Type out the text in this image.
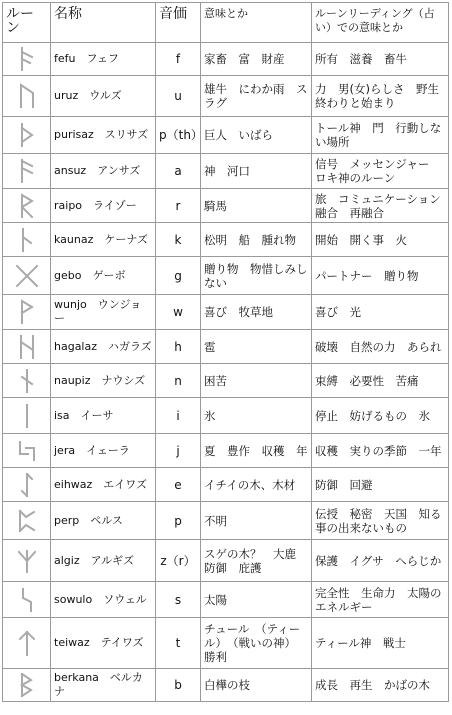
ルーン	名称	音価	意味とか	ルーンリーディング（占い）での意味とか

	fefu　フェフ	f	家畜　富　財産	所有　滋養　畜牛

	uruz　ウルズ	u	雄牛　にわか雨　スラグ	力　男(女)らしさ　野生　終わりと始まり

	purisaz　スリサズ	p（th）	巨人　いばら	トール神　門　行動しない場所

	ansuz　アンサズ	a	神　河口	信号　メッセンジャー　ロキ神のルーン

	raipo　ライゾー	r	騎馬	旅　コミュニケーション　融合　再融合

	kaunaz　ケーナズ	k	松明　船　腫れ物	開始　開く事　火

	gebo　ゲーボ	g	贈り物　物惜しみしない	パートナー　贈り物

	wunjo　ウンジョー	w	喜び　牧草地	喜び　光

	hagalaz　ハガラズ	h	雹	破壊　自然の力　あられ

	naupiz　ナウシズ	n	困苦	束縛　必要性　苦痛

	isa　イーサ	i	氷	停止　妨げるもの　氷

	jera　イェーラ	j	夏　豊作　収穫　年	収穫　実りの季節　一年

	eihwaz　エイワズ	e	イチイの木、木材	防御　回避

	perp　ペルス	p	不明	伝授　秘密　天国　知る事の出来ないもの

	algiz　アルギズ	z（r）	スゲの木？　大鹿　防御　庇護	保護　イグサ　へらじか

	sowulo　ソウェル	s	太陽	完全性　生命力　太陽のエネルギー

	teiwaz　テイワズ	t	チュール　（ティール）　（戦いの神）　勝利	ティール神　戦士

	berkana　ベルカナ	b	白樺の枝	成長　再生　かばの木
